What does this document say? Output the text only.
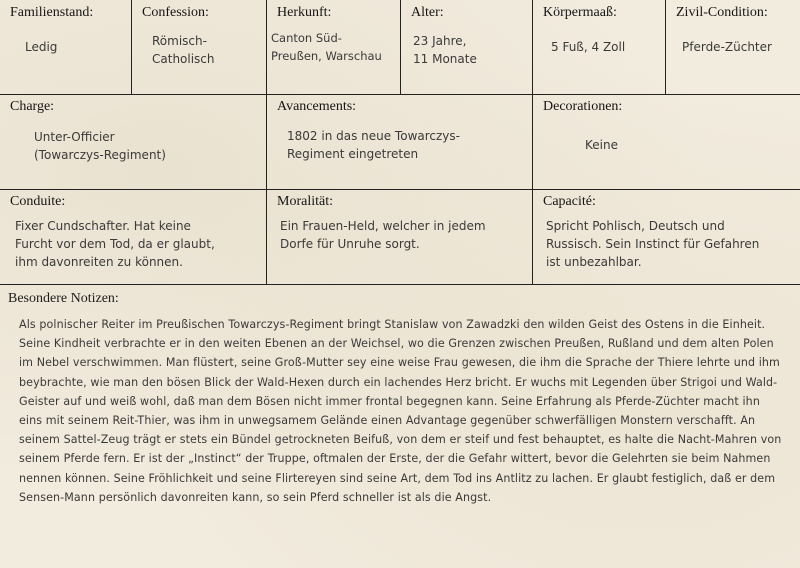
Familienstand:
Ledig
Confession:
Römisch-
Catholisch
Herkunft:
Canton Süd-
Preußen, Warschau
Alter:
23 Jahre,
11 Monate
Körpermaaß:
5 Fuß, 4 Zoll
Zivil-Condition:
Pferde-Züchter
Charge:
Unter-Officier
(Towarczys-Regiment)
Avancements:
1802 in das neue Towarczys-
Regiment eingetreten
Decorationen:
Keine
Conduite:
Fixer Cundschafter. Hat keine
Furcht vor dem Tod, da er glaubt,
ihm davonreiten zu können.
Moralität:
Ein Frauen-Held, welcher in jedem
Dorfe für Unruhe sorgt.
Capacité:
Spricht Pohlisch, Deutsch und
Russisch. Sein Instinct für Gefahren
ist unbezahlbar.
Besondere Notizen:
Als polnischer Reiter im Preußischen Towarczys-Regiment bringt Stanislaw von Zawadzki den wilden Geist des Ostens in die Einheit. Seine Kindheit verbrachte er in den weiten Ebenen an der Weichsel, wo die Grenzen zwischen Preußen, Rußland und dem alten Polen im Nebel verschwimmen. Man flüstert, seine Groß-Mutter sey eine weise Frau gewesen, die ihm die Sprache der Thiere lehrte und ihm beybrachte, wie man den bösen Blick der Wald-Hexen durch ein lachendes Herz bricht. Er wuchs mit Legenden über Strigoi und Wald-Geister auf und weiß wohl, daß man dem Bösen nicht immer frontal begegnen kann. Seine Erfahrung als Pferde-Züchter macht ihn eins mit seinem Reit-Thier, was ihm in unwegsamem Gelände einen Advantage gegenüber schwerfälligen Monstern verschafft. An seinem Sattel-Zeug trägt er stets ein Bündel getrockneten Beifuß, von dem er steif und fest behauptet, es halte die Nacht-Mahren von seinem Pferde fern. Er ist der „Instinct“ der Truppe, oftmalen der Erste, der die Gefahr wittert, bevor die Gelehrten sie beim Nahmen nennen können. Seine Fröhlichkeit und seine Flirtereyen sind seine Art, dem Tod ins Antlitz zu lachen. Er glaubt festiglich, daß er dem Sensen-Mann persönlich davonreiten kann, so sein Pferd schneller ist als die Angst.
